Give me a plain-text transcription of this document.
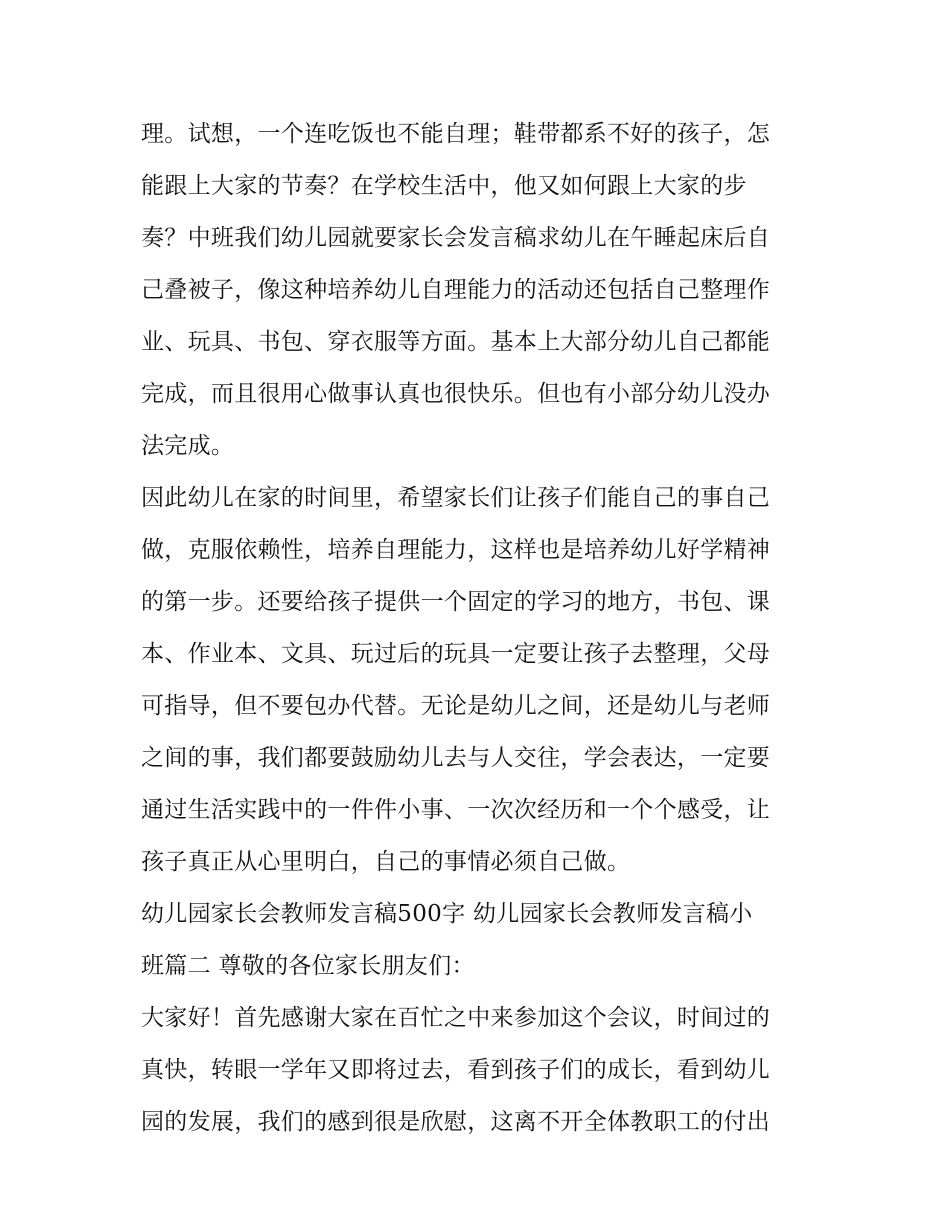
理。试想，一个连吃饭也不能自理；鞋带都系不好的孩子，怎
能跟上大家的节奏？在学校生活中，他又如何跟上大家的步
奏？中班我们幼儿园就要家长会发言稿求幼儿在午睡起床后自
己叠被子，像这种培养幼儿自理能力的活动还包括自己整理作
业、玩具、书包、穿衣服等方面。基本上大部分幼儿自己都能
完成，而且很用心做事认真也很快乐。但也有小部分幼儿没办
法完成。
因此幼儿在家的时间里，希望家长们让孩子们能自己的事自己
做，克服依赖性，培养自理能力，这样也是培养幼儿好学精神
的第一步。还要给孩子提供一个固定的学习的地方，书包、课
本、作业本、文具、玩过后的玩具一定要让孩子去整理，父母
可指导，但不要包办代替。无论是幼儿之间，还是幼儿与老师
之间的事，我们都要鼓励幼儿去与人交往，学会表达，一定要
通过生活实践中的一件件小事、一次次经历和一个个感受，让
孩子真正从心里明白，自己的事情必须自己做。
幼儿园家长会教师发言稿500字 幼儿园家长会教师发言稿小
班篇二 尊敬的各位家长朋友们：
大家好！首先感谢大家在百忙之中来参加这个会议，时间过的
真快，转眼一学年又即将过去，看到孩子们的成长，看到幼儿
园的发展，我们的感到很是欣慰，这离不开全体教职工的付出
